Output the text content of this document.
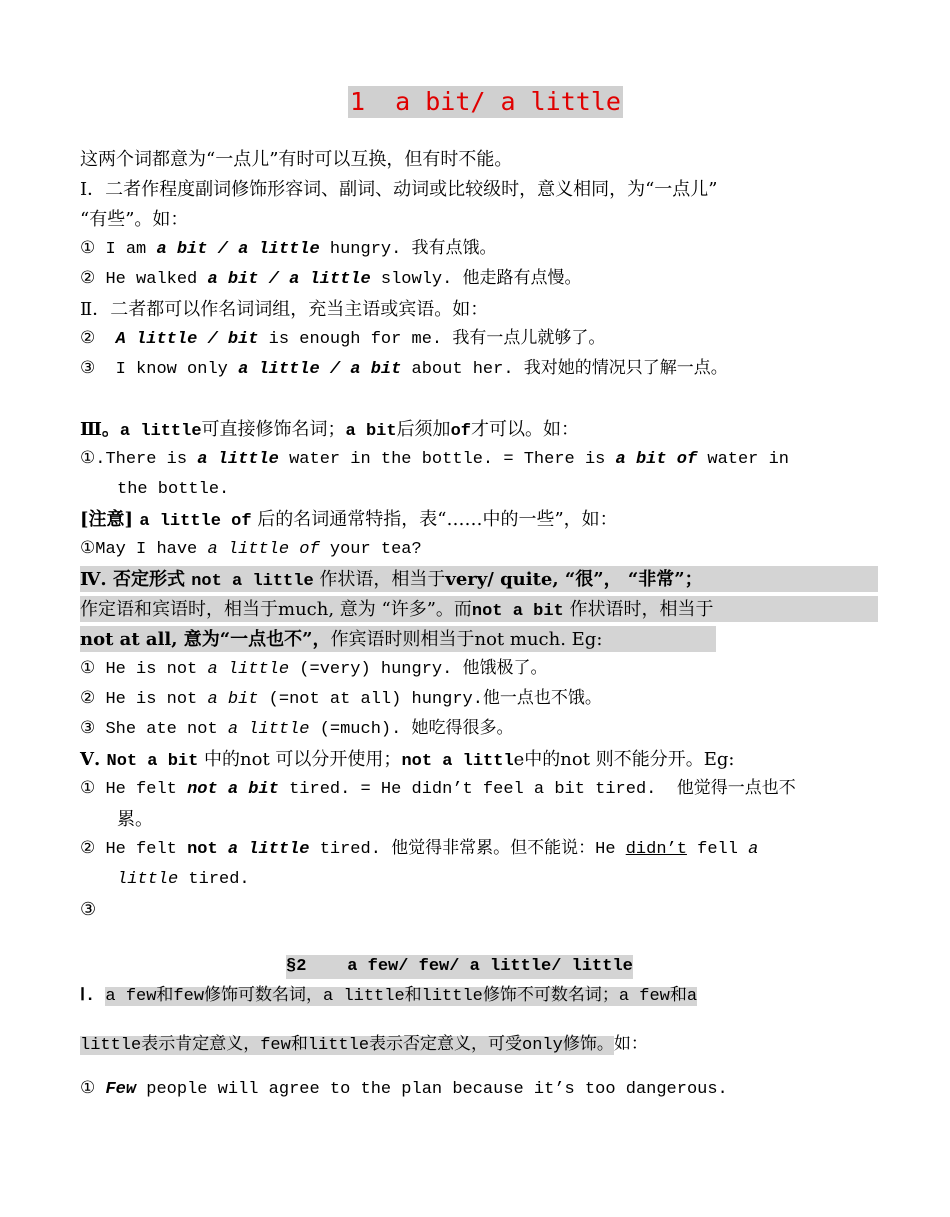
1  a bit/ a little
这两个词都意为“一点儿”有时可以互换，但有时不能。
Ⅰ．二者作程度副词修饰形容词、副词、动词或比较级时，意义相同，为“一点儿”
“有些”。如：
① I am a bit / a little hungry. 我有点饿。
② He walked a bit / a little slowly. 他走路有点慢。
Ⅱ．二者都可以作名词词组，充当主语或宾语。如：
②  A little / bit is enough for me. 我有一点儿就够了。
③  I know only a little / a bit about her. 我对她的情况只了解一点。
Ⅲ。a little可直接修饰名词；a bit后须加of才可以。如：
①.There is a little water in the bottle. = There is a bit of water in
the bottle.
[注意] a little of 后的名词通常特指，表“……中的一些”，如：
①May I have a little of your tea?
Ⅳ. 否定形式 not a little 作状语，相当于very/ quite, “很”， “非常”；
作定语和宾语时，相当于much, 意为 “许多”。而not a bit 作状语时，相当于
not at all, 意为“一点也不”，作宾语时则相当于not much. Eg:
① He is not a little (=very) hungry. 他饿极了。
② He is not a bit (=not at all) hungry.他一点也不饿。
③ She ate not a little (=much). 她吃得很多。
Ⅴ. Not a bit 中的not 可以分开使用；not a little中的not 则不能分开。Eg:
① He felt not a bit tired. = He didn’t feel a bit tired.  他觉得一点也不
累。
② He felt not a little tired. 他觉得非常累。但不能说：He didn’t fell a
little tired.
③
§2    a few/ few/ a little/ little
Ⅰ. a few和few修饰可数名词，a little和little修饰不可数名词；a few和a
little表示肯定意义，few和little表示否定意义，可受only修饰。如：
① Few people will agree to the plan because it’s too dangerous.
